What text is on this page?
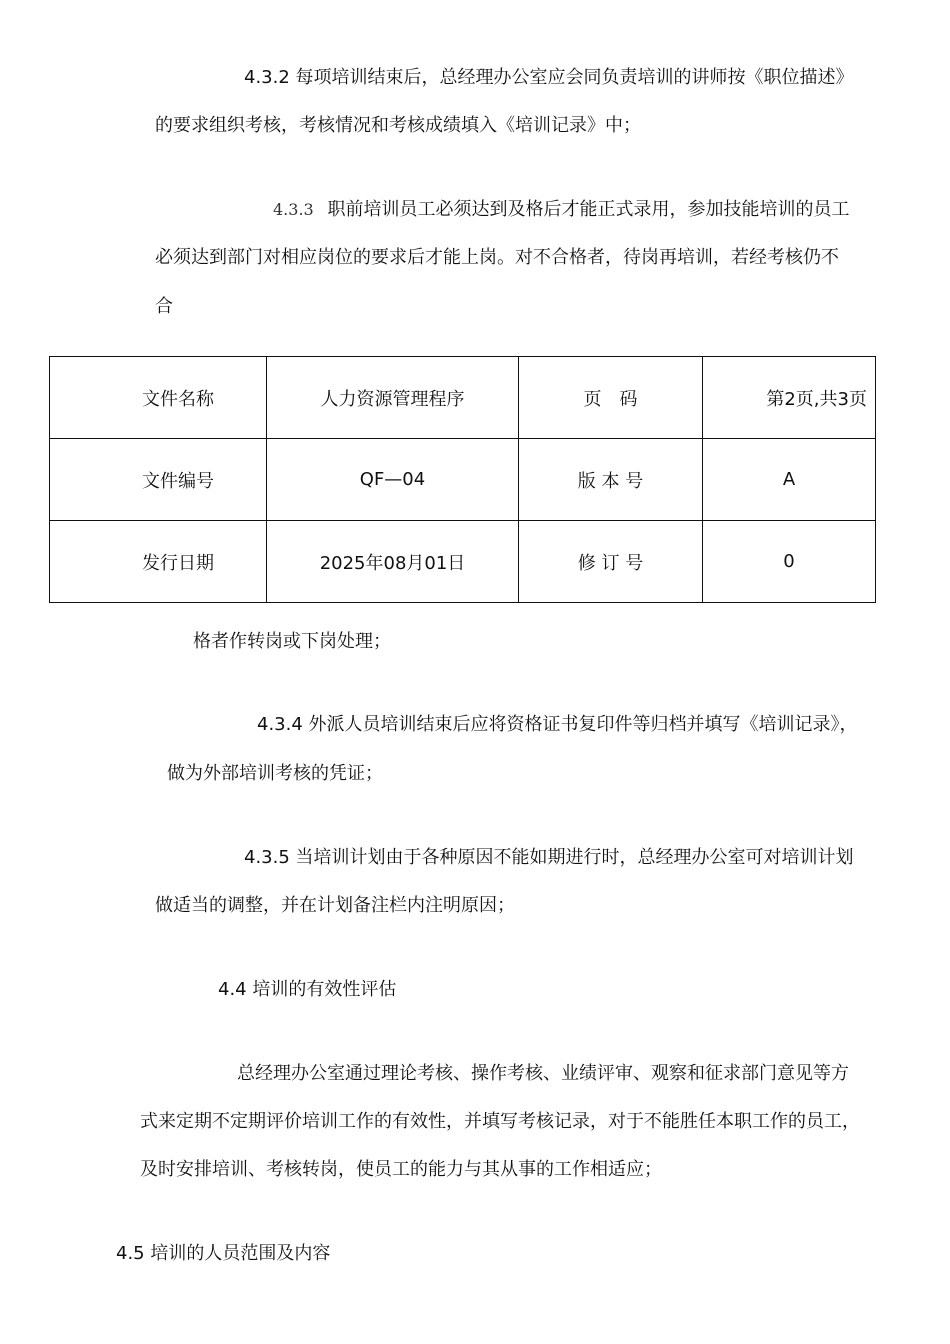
4.3.2 每项培训结束后，总经理办公室应会同负责培训的讲师按《职位描述》
的要求组织考核，考核情况和考核成绩填入《培训记录》中；
4.3.3 职前培训员工必须达到及格后才能正式录用，参加技能培训的员工
必须达到部门对相应岗位的要求后才能上岗。对不合格者，待岗再培训，若经考核仍不
合
文件名称	人力资源管理程序	页　码	第2页,共3页
文件编号	QF—04	版 本 号	A
发行日期	2025年08月01日	修 订 号	0
格者作转岗或下岗处理；
4.3.4 外派人员培训结束后应将资格证书复印件等归档并填写《培训记录》，
做为外部培训考核的凭证；
4.3.5 当培训计划由于各种原因不能如期进行时，总经理办公室可对培训计划
做适当的调整，并在计划备注栏内注明原因；
4.4 培训的有效性评估
总经理办公室通过理论考核、操作考核、业绩评审、观察和征求部门意见等方
式来定期不定期评价培训工作的有效性，并填写考核记录，对于不能胜任本职工作的员工，
及时安排培训、考核转岗，使员工的能力与其从事的工作相适应；
4.5 培训的人员范围及内容
